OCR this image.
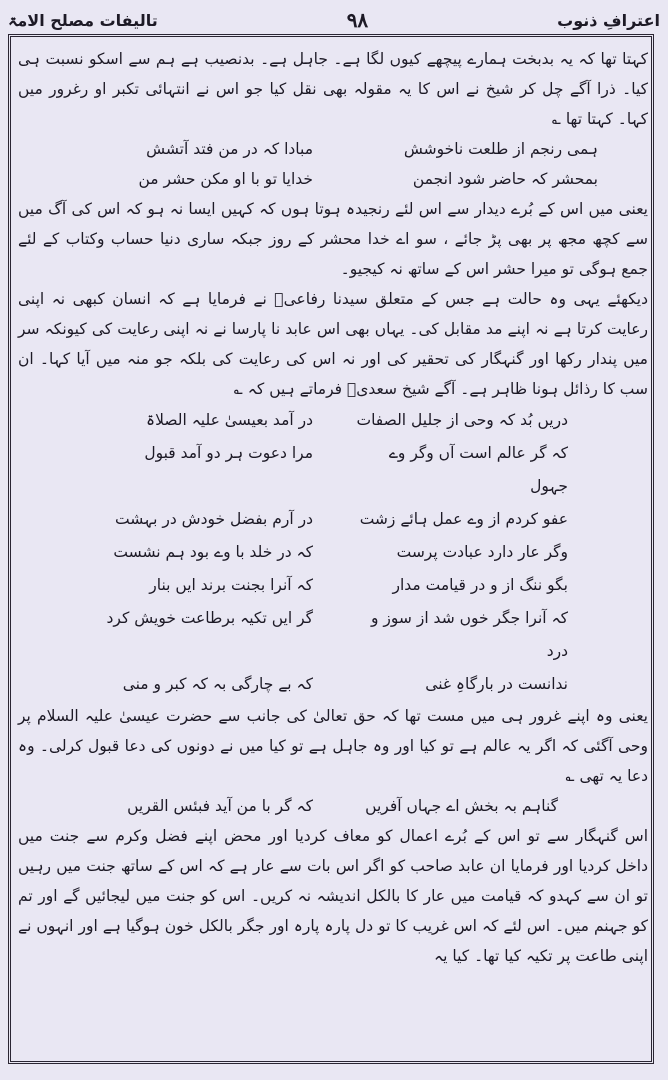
اعترافِ ذنوب
۹۸
تالیفات مصلح الامۃ

کہتا تھا کہ یہ بدبخت ہمارے پیچھے کیوں لگا ہے۔ جاہل ہے۔ بدنصیب ہے ہم سے اسکو نسبت ہی کیا۔ ذرا آگے چل کر شیخ نے اس کا یہ مقولہ بھی نقل کیا جو اس نے انتہائی تکبر او رغرور میں کہا۔ کہتا تھا ؎

ہمی رنجم از طلعت ناخوشش
مبادا کہ در من فتد آتشش
بمحشر کہ حاضر شود انجمن
خدایا تو با او مکن حشر من

یعنی میں اس کے بُرے دیدار سے اس لئے رنجیدہ ہوتا ہوں کہ کہیں ایسا نہ ہو کہ اس کی آگ میں سے کچھ مجھ پر بھی پڑ جائے ، سو اے خدا محشر کے روز جبکہ ساری دنیا حساب وکتاب کے لئے جمع ہوگی تو میرا حشر اس کے ساتھ نہ کیجیو۔

دیکھئے یہی وہ حالت ہے جس کے متعلق سیدنا رفاعیؒ نے فرمایا ہے کہ انسان کبھی نہ اپنی رعایت کرتا ہے نہ اپنے مد مقابل کی۔ یہاں بھی اس عابد نا پارسا نے نہ اپنی رعایت کی کیونکہ سر میں پندار رکھا اور گنہگار کی تحقیر کی اور نہ اس کی رعایت کی بلکہ جو منہ میں آیا کہا۔ ان سب کا رذائل ہونا ظاہر ہے۔ آگے شیخ سعدیؒ فرماتے ہیں کہ ؎

دریں بُد کہ وحی از جلیل الصفات
در آمد بعیسیٰ علیہ الصلاۃ
کہ گر عالم است آں وگر وے جہول
مرا دعوت ہر دو آمد قبول
عفو کردم از وے عمل ہائے زشت
در آرم بفضل خودش در بہشت
وگر عار دارد عبادت پرست
کہ در خلد با وے بود ہم نشست
بگو ننگ از و در قیامت مدار
کہ آنرا بجنت برند ایں بنار
کہ آنرا جگر خوں شد از سوز و درد
گر ایں تکیہ برطاعت خویش کرد
ندانست در بارگاہِ غنی
کہ بے چارگی بہ کہ کبر و منی

یعنی وہ اپنے غرور ہی میں مست تھا کہ حق تعالیٰ کی جانب سے حضرت عیسیٰ علیہ السلام پر وحی آگئی کہ اگر یہ عالم ہے تو کیا اور وہ جاہل ہے تو کیا میں نے دونوں کی دعا قبول کرلی۔ وہ دعا یہ تھی ؎

گناہم بہ بخش اے جہاں آفریں
کہ گر با من آید فبئس القریں

اس گنہگار سے تو اس کے بُرے اعمال کو معاف کردیا اور محض اپنے فضل وکرم سے جنت میں داخل کردیا اور فرمایا ان عابد صاحب کو اگر اس بات سے عار ہے کہ اس کے ساتھ جنت میں رہیں تو ان سے کہدو کہ قیامت میں عار کا بالکل اندیشہ نہ کریں۔ اس کو جنت میں لیجائیں گے اور تم کو جہنم میں۔ اس لئے کہ اس غریب کا تو دل پارہ پارہ اور جگر بالکل خون ہوگیا ہے اور انہوں نے اپنی طاعت پر تکیہ کیا تھا۔ کیا یہ
